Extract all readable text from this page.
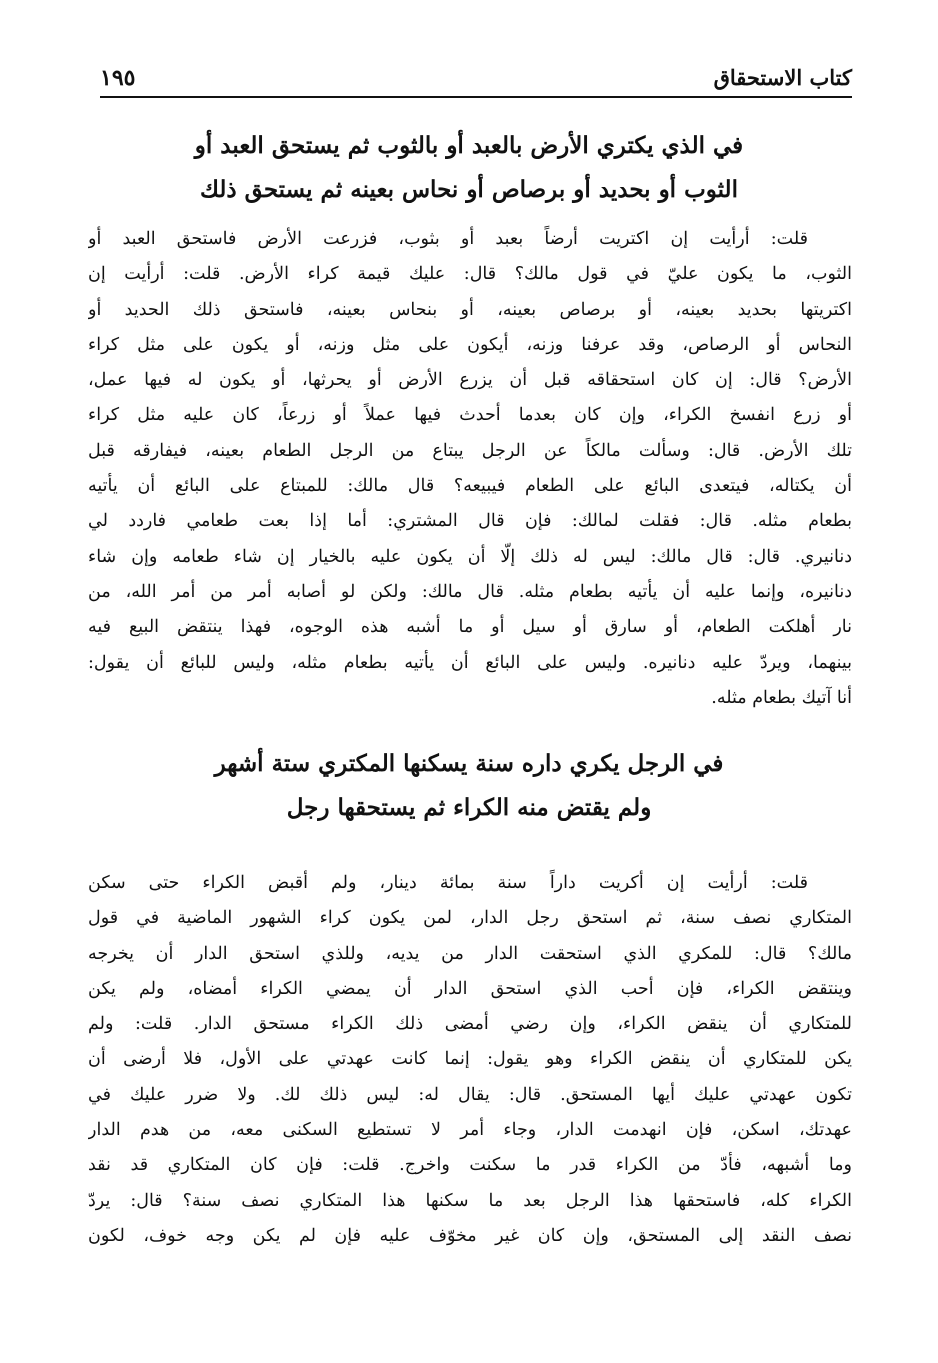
كتاب الاستحقاق
١٩٥
في الذي يكتري الأرض بالعبد أو بالثوب ثم يستحق العبد أو
الثوب أو بحديد أو برصاص أو نحاس بعينه ثم يستحق ذلك
قلت: أرأيت إن اكتريت أرضاً بعبد أو بثوب، فزرعت الأرض فاستحق العبد أو
الثوب، ما يكون عليّ في قول مالك؟ قال: عليك قيمة كراء الأرض. قلت: أرأيت إن
اكتريتها بحديد بعينه، أو برصاص بعينه، أو بنحاس بعينه، فاستحق ذلك الحديد أو
النحاس أو الرصاص، وقد عرفنا وزنه، أيكون على مثل وزنه، أو يكون على مثل كراء
الأرض؟ قال: إن كان استحقاقه قبل أن يزرع الأرض أو يحرثها، أو يكون له فيها عمل،
أو زرع انفسخ الكراء، وإن كان بعدما أحدث فيها عملاً أو زرعاً، كان عليه مثل كراء
تلك الأرض. قال: وسألت مالكاً عن الرجل يبتاع من الرجل الطعام بعينه، فيفارقه قبل
أن يكتاله، فيتعدى البائع على الطعام فيبيعه؟ قال مالك: للمبتاع على البائع أن يأتيه
بطعام مثله. قال: فقلت لمالك: فإن قال المشتري: أما إذا بعت طعامي فاردد لي
دنانيري. قال: قال مالك: ليس له ذلك إلّا أن يكون عليه بالخيار إن شاء طعامه وإن شاء
دنانيره، وإنما عليه أن يأتيه بطعام مثله. قال مالك: ولكن لو أصابه أمر من أمر الله، من
نار أهلكت الطعام، أو سارق أو سيل أو ما أشبه هذه الوجوه، فهذا ينتقض البيع فيه
بينهما، ويردّ عليه دنانيره. وليس على البائع أن يأتيه بطعام مثله، وليس للبائع أن يقول:
أنا آتيك بطعام مثله.
في الرجل يكري داره سنة يسكنها المكتري ستة أشهر
ولم يقتض منه الكراء ثم يستحقها رجل
قلت: أرأيت إن أكريت داراً سنة بمائة دينار، ولم أقبض الكراء حتى سكن
المتكاري نصف سنة، ثم استحق رجل الدار، لمن يكون كراء الشهور الماضية في قول
مالك؟ قال: للمكري الذي استحقت الدار من يديه، وللذي استحق الدار أن يخرجه
وينتقض الكراء، فإن أحب الذي استحق الدار أن يمضي الكراء أمضاه، ولم يكن
للمتكاري أن ينقض الكراء، وإن رضي أمضى ذلك الكراء مستحق الدار. قلت: ولم
يكن للمتكاري أن ينقض الكراء وهو يقول: إنما كانت عهدتي على الأول، فلا أرضى أن
تكون عهدتي عليك أيها المستحق. قال: يقال له: ليس ذلك لك. ولا ضرر عليك في
عهدتك، اسكن، فإن انهدمت الدار، وجاء أمر لا تستطيع السكنى معه، من هدم الدار
وما أشبهه، فأدّ من الكراء قدر ما سكنت واخرج. قلت: فإن كان المتكاري قد نقد
الكراء كله، فاستحقها هذا الرجل بعد ما سكنها هذا المتكاري نصف سنة؟ قال: يردّ
نصف النقد إلى المستحق، وإن كان غير مخوّف عليه فإن لم يكن وجه خوف، لكون
